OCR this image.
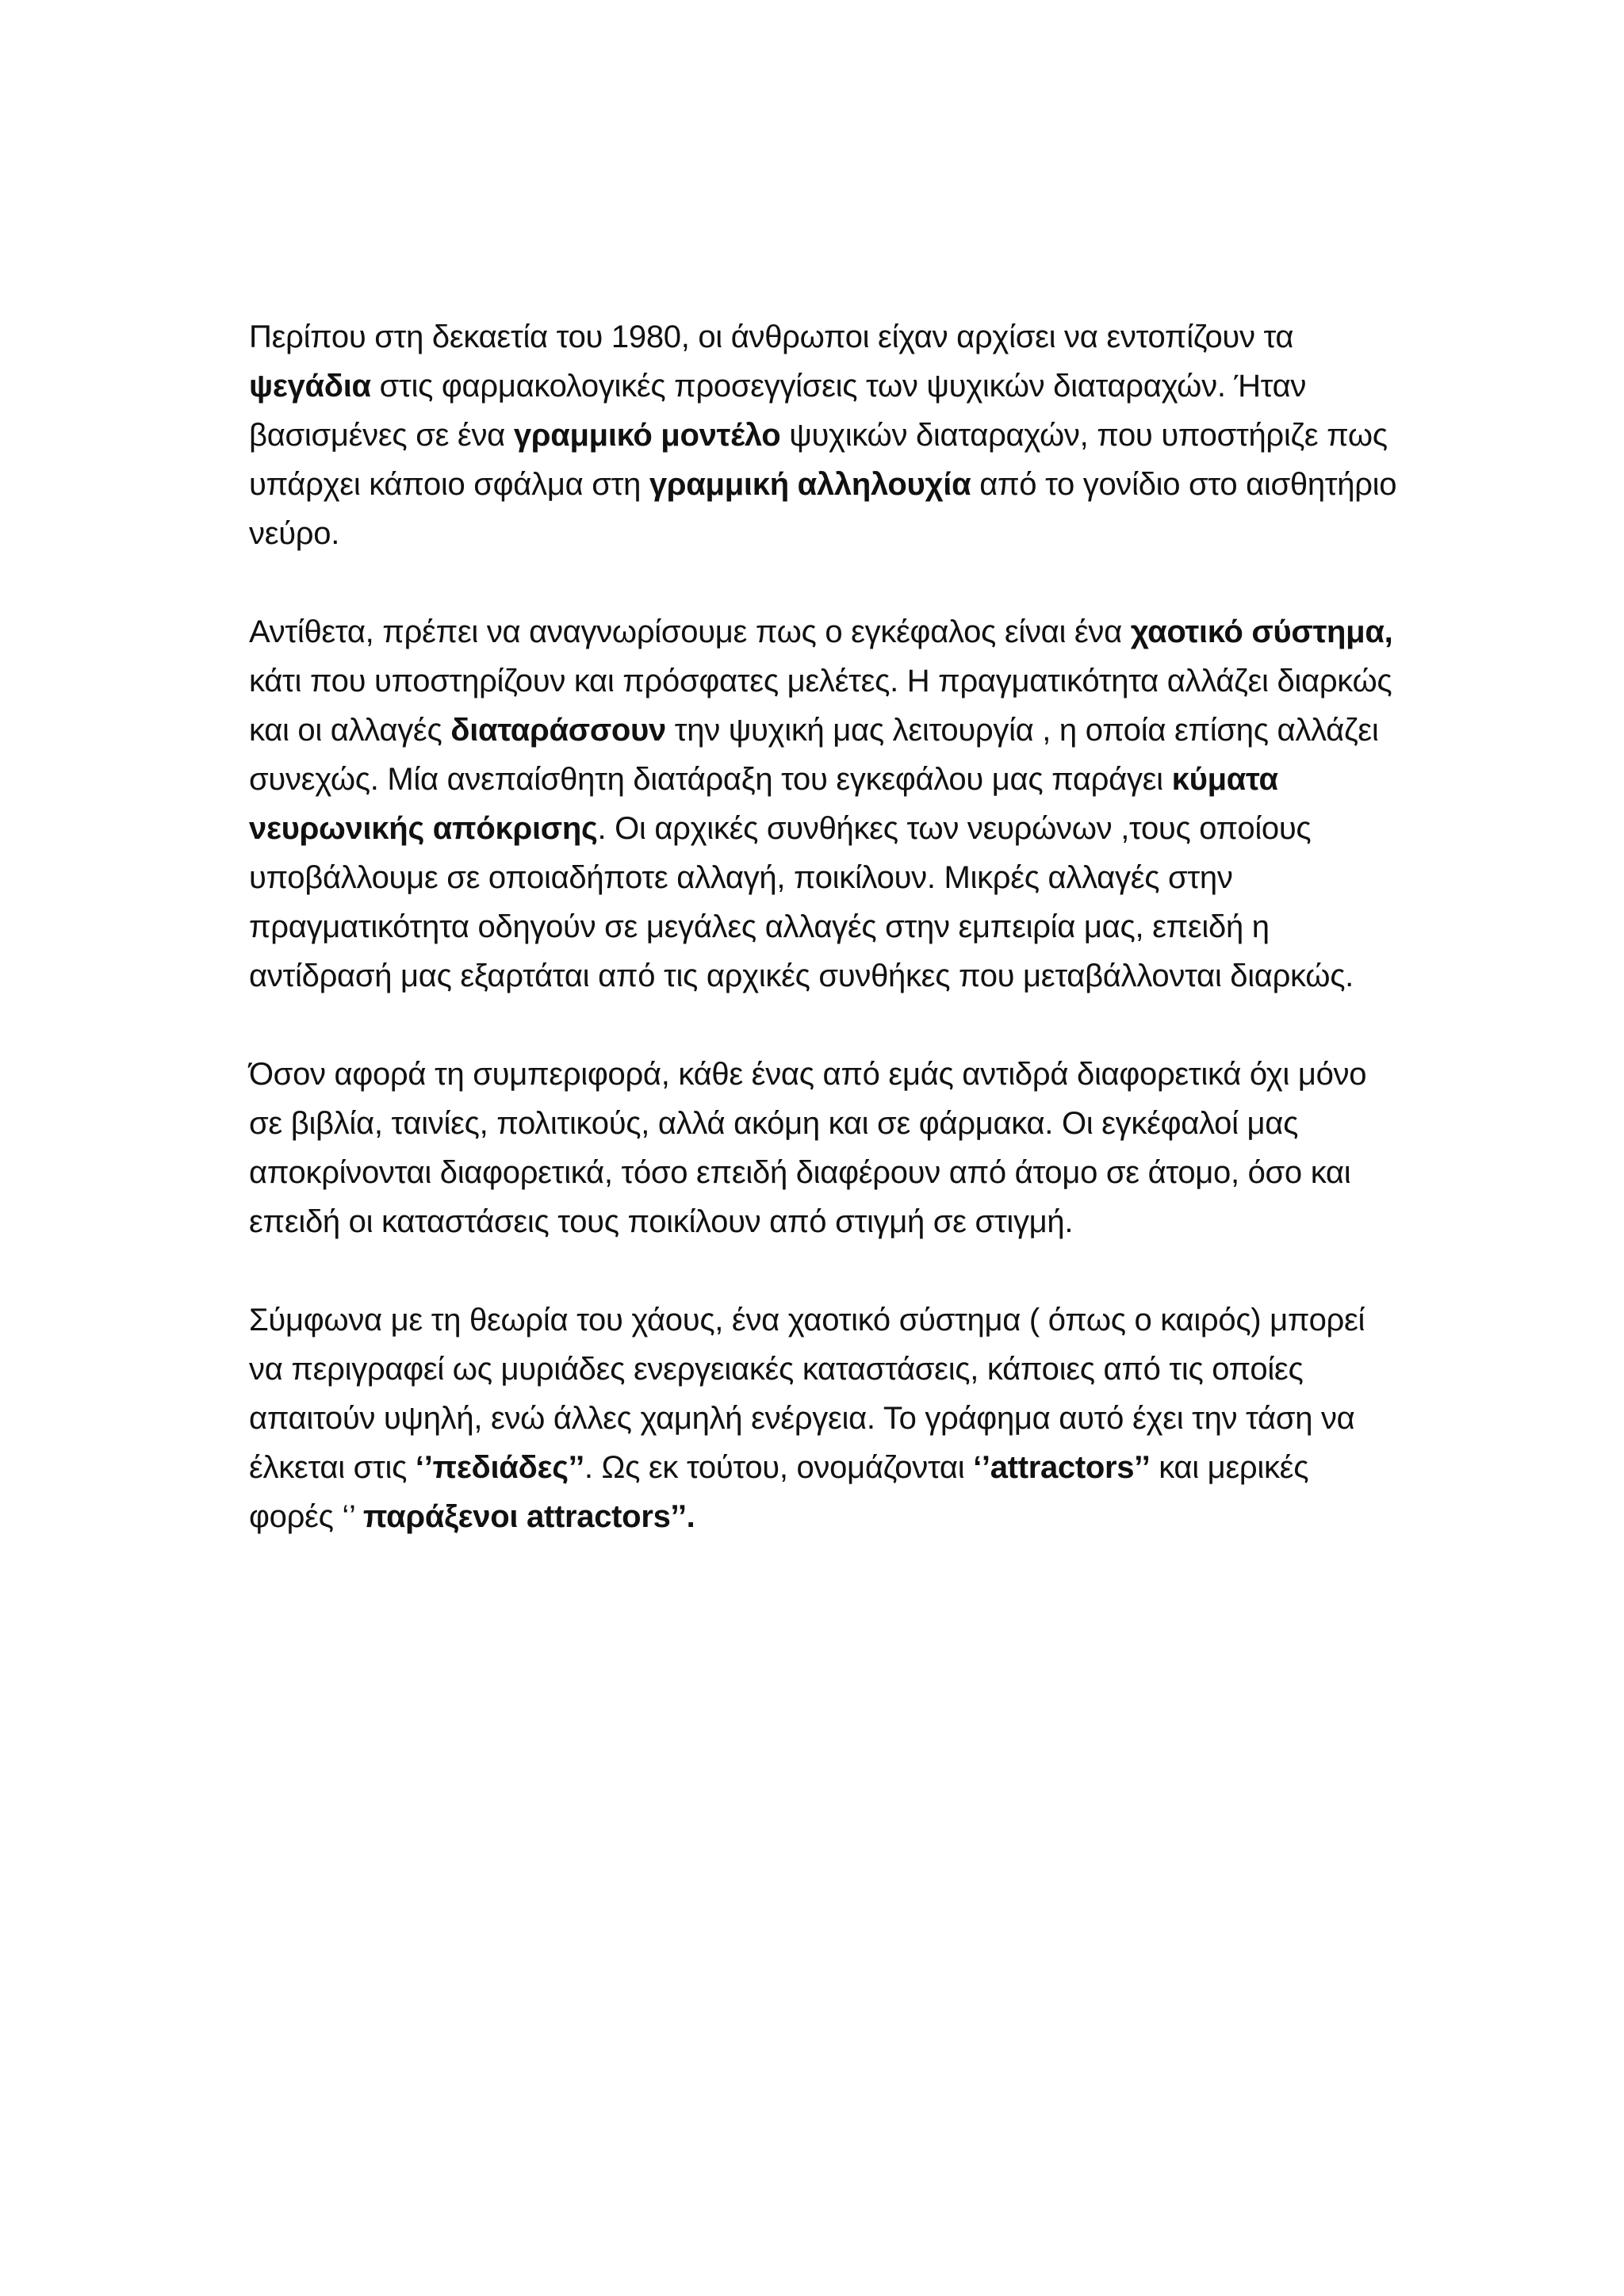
Περίπου στη δεκαετία του 1980, οι άνθρωποι είχαν αρχίσει να εντοπίζουν τα ψεγάδια στις φαρμακολογικές προσεγγίσεις των ψυχικών διαταραχών. Ήταν βασισμένες σε ένα γραμμικό μοντέλο ψυχικών διαταραχών, που υποστήριζε πως υπάρχει κάποιο σφάλμα στη γραμμική αλληλουχία από το γονίδιο στο αισθητήριο νεύρο.

Αντίθετα, πρέπει να αναγνωρίσουμε πως ο εγκέφαλος είναι ένα χαοτικό σύστημα, κάτι που υποστηρίζουν και πρόσφατες μελέτες. Η πραγματικότητα αλλάζει διαρκώς και οι αλλαγές διαταράσσουν την ψυχική μας λειτουργία , η οποία επίσης αλλάζει συνεχώς. Μία ανεπαίσθητη διατάραξη του εγκεφάλου μας παράγει κύματα νευρωνικής απόκρισης. Οι αρχικές συνθήκες των νευρώνων ,τους οποίους υποβάλλουμε σε οποιαδήποτε αλλαγή, ποικίλουν. Μικρές αλλαγές στην πραγματικότητα οδηγούν σε μεγάλες αλλαγές στην εμπειρία μας, επειδή η αντίδρασή μας εξαρτάται από τις αρχικές συνθήκες που μεταβάλλονται διαρκώς.

Όσον αφορά τη συμπεριφορά, κάθε ένας από εμάς αντιδρά διαφορετικά όχι μόνο σε βιβλία, ταινίες, πολιτικούς, αλλά ακόμη και σε φάρμακα. Οι εγκέφαλοί μας αποκρίνονται διαφορετικά, τόσο επειδή διαφέρουν από άτομο σε άτομο, όσο και επειδή οι καταστάσεις τους ποικίλουν από στιγμή σε στιγμή.

Σύμφωνα με τη θεωρία του χάους, ένα χαοτικό σύστημα ( όπως ο καιρός) μπορεί να περιγραφεί ως μυριάδες ενεργειακές καταστάσεις, κάποιες από τις οποίες απαιτούν υψηλή, ενώ άλλες χαμηλή ενέργεια. Το γράφημα αυτό έχει την τάση να έλκεται στις ‘’πεδιάδες’’. Ως εκ τούτου, ονομάζονται ‘’attractors’’ και μερικές φορές ‘’ παράξενοι attractors’’.
